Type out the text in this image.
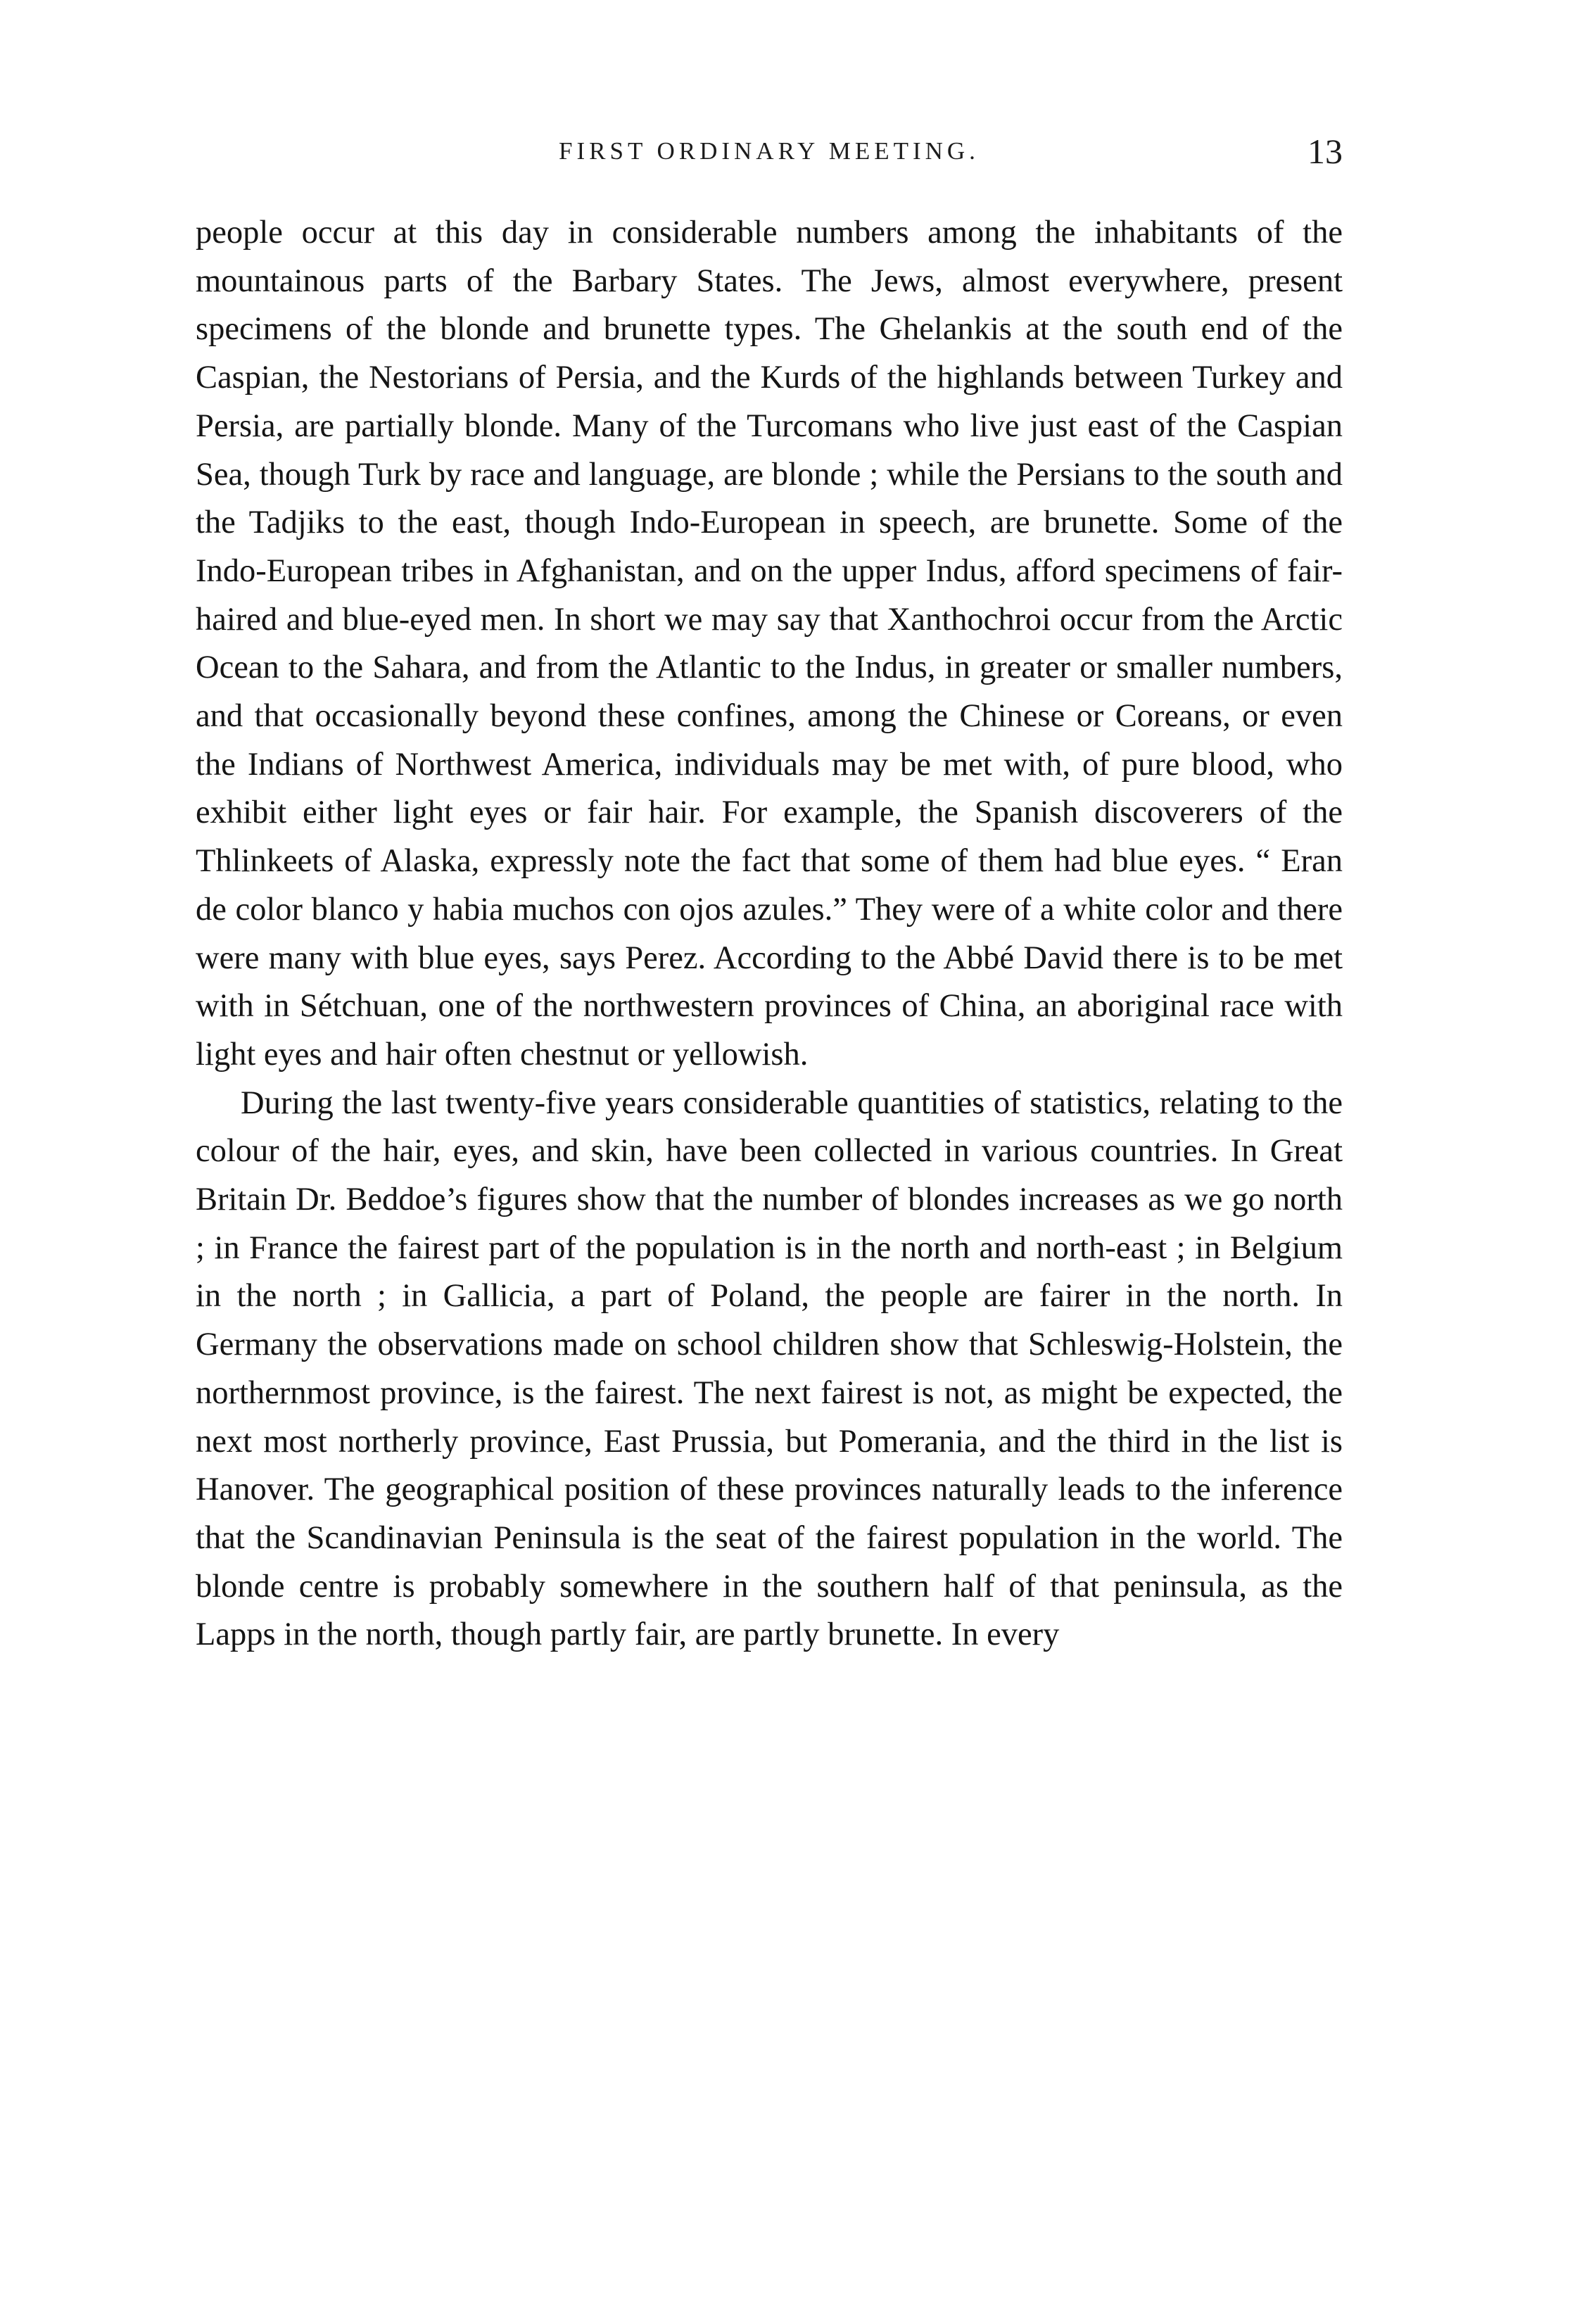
FIRST ORDINARY MEETING.	13

people occur at this day in considerable numbers among the inhabitants of the mountainous parts of the Barbary States. The Jews, almost everywhere, present specimens of the blonde and brunette types. The Ghelankis at the south end of the Caspian, the Nestorians of Persia, and the Kurds of the highlands between Turkey and Persia, are partially blonde. Many of the Turcomans who live just east of the Caspian Sea, though Turk by race and language, are blonde ; while the Persians to the south and the Tadjiks to the east, though Indo-European in speech, are brunette. Some of the Indo-European tribes in Afghanistan, and on the upper Indus, afford specimens of fair-haired and blue-eyed men. In short we may say that Xanthochroi occur from the Arctic Ocean to the Sahara, and from the Atlantic to the Indus, in greater or smaller numbers, and that occasionally beyond these confines, among the Chinese or Coreans, or even the Indians of Northwest America, individuals may be met with, of pure blood, who exhibit either light eyes or fair hair. For example, the Spanish discoverers of the Thlinkeets of Alaska, expressly note the fact that some of them had blue eyes. “ Eran de color blanco y habia muchos con ojos azules.” They were of a white color and there were many with blue eyes, says Perez. According to the Abbé David there is to be met with in Sétchuan, one of the northwestern provinces of China, an aboriginal race with light eyes and hair often chestnut or yellowish.

During the last twenty-five years considerable quantities of statistics, relating to the colour of the hair, eyes, and skin, have been collected in various countries. In Great Britain Dr. Beddoe’s figures show that the number of blondes increases as we go north ; in France the fairest part of the population is in the north and north-east ; in Belgium in the north ; in Gallicia, a part of Poland, the people are fairer in the north. In Germany the observations made on school children show that Schleswig-Holstein, the northernmost province, is the fairest. The next fairest is not, as might be expected, the next most northerly province, East Prussia, but Pomerania, and the third in the list is Hanover. The geographical position of these provinces naturally leads to the inference that the Scandinavian Peninsula is the seat of the fairest population in the world. The blonde centre is probably somewhere in the southern half of that peninsula, as the Lapps in the north, though partly fair, are partly brunette. In every
